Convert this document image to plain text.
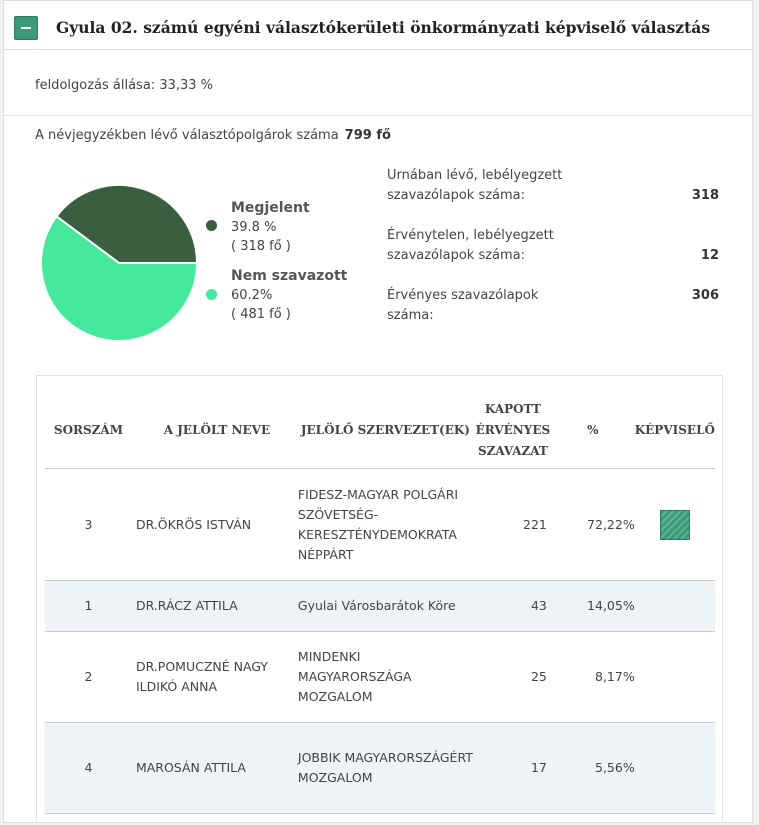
Gyula 02. számú egyéni választókerületi önkormányzati képviselő választás
feldolgozás állása: 33,33 %
A névjegyzékben lévő választópolgárok száma 799 fő
Megjelent
39.8 %
( 318 fő )
Nem szavazott
60.2%
( 481 fő )
Urnában lévő, lebélyegzett szavazólapok száma:	318
Érvénytelen, lebélyegzett szavazólapok száma:	12
Érvényes szavazólapok száma:
306
SORSZÁM	A JELÖLT NEVE	JELÖLŐ SZERVEZET(EK)	KAPOTT ÉRVÉNYES SZAVAZAT	%	KÉPVISELŐ
3	DR.ÖKRÖS ISTVÁN	FIDESZ-MAGYAR POLGÁRI SZÖVETSÉG-KERESZTÉNYDEMOKRATA NÉPPÁRT	221	72,22%	
1	DR.RÁCZ ATTILA	Gyulai Városbarátok Köre	43	14,05%	
2	DR.POMUCZNÉ NAGY ILDIKÓ ANNA	MINDENKI MAGYARORSZÁGA MOZGALOM	25	8,17%	
4	MAROSÁN ATTILA	JOBBIK MAGYARORSZÁGÉRT MOZGALOM	17	5,56%	
